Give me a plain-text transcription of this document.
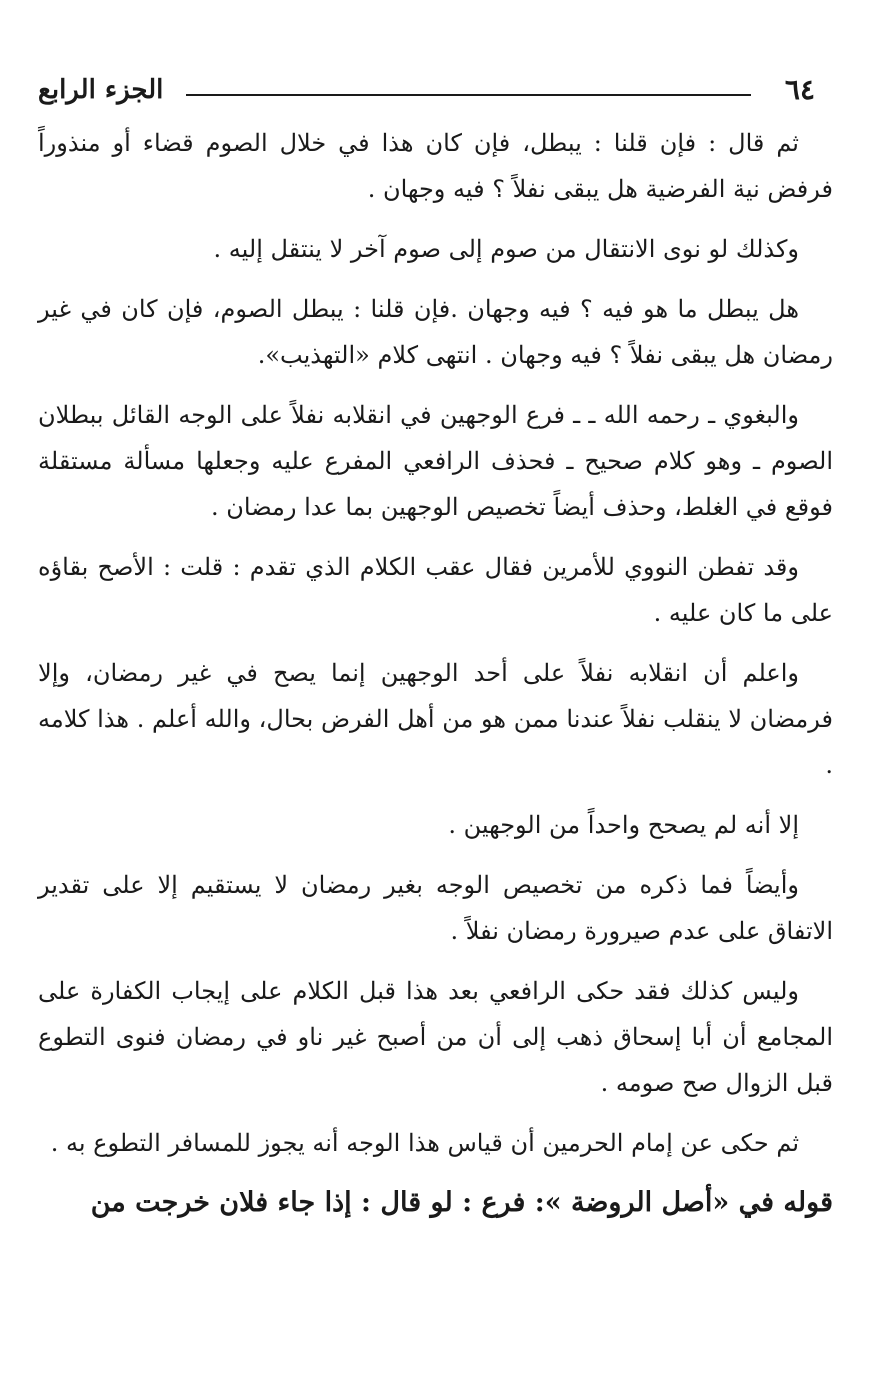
٦٤
الجزء الرابع

ثم قال : فإن قلنا : يبطل، فإن كان هذا في خلال الصوم قضاء أو منذوراً فرفض نية الفرضية هل يبقى نفلاً ؟ فيه وجهان .

وكذلك لو نوى الانتقال من صوم إلى صوم آخر لا ينتقل إليه .

هل يبطل ما هو فيه ؟ فيه وجهان .فإن قلنا : يبطل الصوم، فإن كان في غير رمضان هل يبقى نفلاً ؟ فيه وجهان . انتهى كلام «التهذيب».

والبغوي ـ رحمه الله ـ ـ فرع الوجهين في انقلابه نفلاً على الوجه القائل ببطلان الصوم ـ وهو كلام صحيح ـ فحذف الرافعي المفرع عليه وجعلها مسألة مستقلة فوقع في الغلط، وحذف أيضاً تخصيص الوجهين بما عدا رمضان .

وقد تفطن النووي للأمرين فقال عقب الكلام الذي تقدم : قلت : الأصح بقاؤه على ما كان عليه .

واعلم أن انقلابه نفلاً على أحد الوجهين إنما يصح في غير رمضان، وإلا فرمضان لا ينقلب نفلاً عندنا ممن هو من أهل الفرض بحال، والله أعلم . هذا كلامه .

إلا أنه لم يصحح واحداً من الوجهين .

وأيضاً فما ذكره من تخصيص الوجه بغير رمضان لا يستقيم إلا على تقدير الاتفاق على عدم صيرورة رمضان نفلاً .

وليس كذلك فقد حكى الرافعي بعد هذا قبل الكلام على إيجاب الكفارة على المجامع أن أبا إسحاق ذهب إلى أن من أصبح غير ناو في رمضان فنوى التطوع قبل الزوال صح صومه .

ثم حكى عن إمام الحرمين أن قياس هذا الوجه أنه يجوز للمسافر التطوع به .

قوله في «أصل الروضة »: فرع : لو قال : إذا جاء فلان خرجت من
